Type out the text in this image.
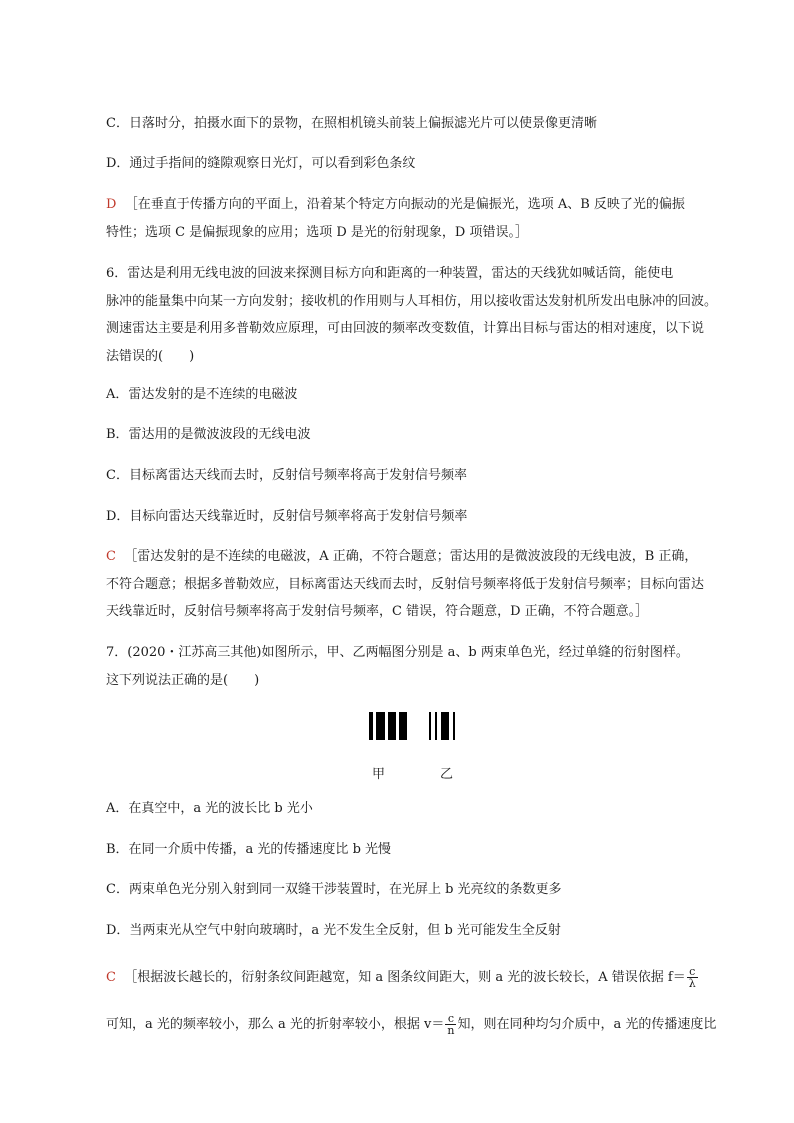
C．日落时分，拍摄水面下的景物，在照相机镜头前装上偏振滤光片可以使景像更清晰
D．通过手指间的缝隙观察日光灯，可以看到彩色条纹
D ［在垂直于传播方向的平面上，沿着某个特定方向振动的光是偏振光，选项 A、B 反映了光的偏振
特性；选项 C 是偏振现象的应用；选项 D 是光的衍射现象，D 项错误。］
6．雷达是利用无线电波的回波来探测目标方向和距离的一种装置，雷达的天线犹如喊话筒，能使电
脉冲的能量集中向某一方向发射；接收机的作用则与人耳相仿，用以接收雷达发射机所发出电脉冲的回波。
测速雷达主要是利用多普勒效应原理，可由回波的频率改变数值，计算出目标与雷达的相对速度，以下说
法错误的(　　)
A．雷达发射的是不连续的电磁波
B．雷达用的是微波波段的无线电波
C．目标离雷达天线而去时，反射信号频率将高于发射信号频率
D．目标向雷达天线靠近时，反射信号频率将高于发射信号频率
C ［雷达发射的是不连续的电磁波，A 正确，不符合题意；雷达用的是微波波段的无线电波，B 正确，
不符合题意；根据多普勒效应，目标离雷达天线而去时，反射信号频率将低于发射信号频率；目标向雷达
天线靠近时，反射信号频率将高于发射信号频率，C 错误，符合题意，D 正确，不符合题意。］
7．(2020・江苏高三其他)如图所示，甲、乙两幅图分别是 a、b 两束单色光，经过单缝的衍射图样。
这下列说法正确的是(　　)
甲	乙
A．在真空中，a 光的波长比 b 光小
B．在同一介质中传播，a 光的传播速度比 b 光慢
C．两束单色光分别入射到同一双缝干涉装置时，在光屏上 b 光亮纹的条数更多
D．当两束光从空气中射向玻璃时，a 光不发生全反射，但 b 光可能发生全反射
C ［根据波长越长的，衍射条纹间距越宽，知 a 图条纹间距大，则 a 光的波长较长，A 错误依据 $f= \frac{c}{\lambda}$
可知，a 光的频率较小，那么 a 光的折射率较小，根据 $v= \frac{c}{n}$ 知，则在同种均匀介质中，a 光的传播速度比
